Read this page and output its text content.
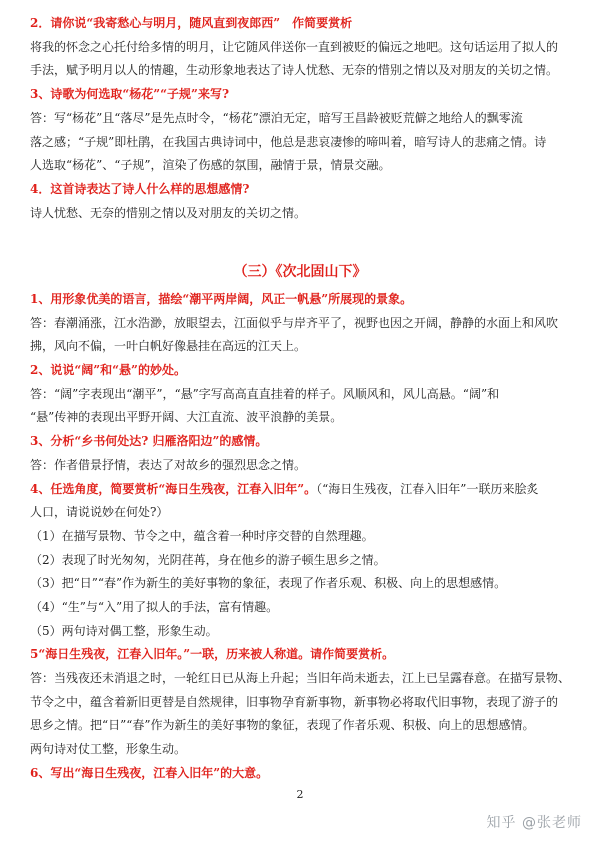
2．请你说“我寄愁心与明月，随风直到夜郎西”　作简要赏析
将我的怀念之心托付给多情的明月，让它随风伴送你一直到被贬的偏远之地吧。这句话运用了拟人的
手法，赋予明月以人的情趣，生动形象地表达了诗人忧愁、无奈的惜别之情以及对朋友的关切之情。
3、诗歌为何选取“杨花”“子规”来写?
答：写“杨花”且“落尽”是先点时令，“杨花”漂泊无定，暗写王昌龄被贬荒僻之地给人的飘零流
落之感；“子规”即杜鹃，在我国古典诗词中，他总是悲哀凄惨的啼叫着，暗写诗人的悲痛之情。诗
人选取“杨花”、“子规”，渲染了伤感的氛围，融情于景，情景交融。
4．这首诗表达了诗人什么样的思想感情?
诗人忧愁、无奈的惜别之情以及对朋友的关切之情。
（三）《次北固山下》
1、用形象优美的语言，描绘“潮平两岸阔，风正一帆悬”所展现的景象。
答：春潮涌涨，江水浩渺，放眼望去，江面似乎与岸齐平了，视野也因之开阔，静静的水面上和风吹
拂，风向不偏，一叶白帆好像悬挂在高远的江天上。
2、说说“阔”和“悬”的妙处。
答：“阔”字表现出“潮平”，“悬”字写高高直直挂着的样子。风顺风和，风儿高悬。“阔”和
“悬”传神的表现出平野开阔、大江直流、波平浪静的美景。
3、分析“乡书何处达? 归雁洛阳边”的感情。
答：作者借景抒情，表达了对故乡的强烈思念之情。
4、任选角度，简要赏析“海日生残夜，江春入旧年”。（“海日生残夜，江春入旧年”一联历来脍炙
人口，请说说妙在何处?）
（1）在描写景物、节令之中，蕴含着一种时序交替的自然理趣。
（2）表现了时光匆匆，光阴荏苒，身在他乡的游子顿生思乡之情。
（3）把“日”“春”作为新生的美好事物的象征，表现了作者乐观、积极、向上的思想感情。
（4）“生”与“入”用了拟人的手法，富有情趣。
（5）两句诗对偶工整，形象生动。
5“海日生残夜，江春入旧年。”一联，历来被人称道。请作简要赏析。
答：当残夜还未消退之时，一轮红日已从海上升起；当旧年尚未逝去，江上已呈露春意。在描写景物、
节令之中，蕴含着新旧更替是自然规律，旧事物孕育新事物，新事物必将取代旧事物，表现了游子的
思乡之情。把“日”“春”作为新生的美好事物的象征，表现了作者乐观、积极、向上的思想感情。
两句诗对仗工整，形象生动。
6、写出“海日生残夜，江春入旧年”的大意。
2
知乎 @张老师
